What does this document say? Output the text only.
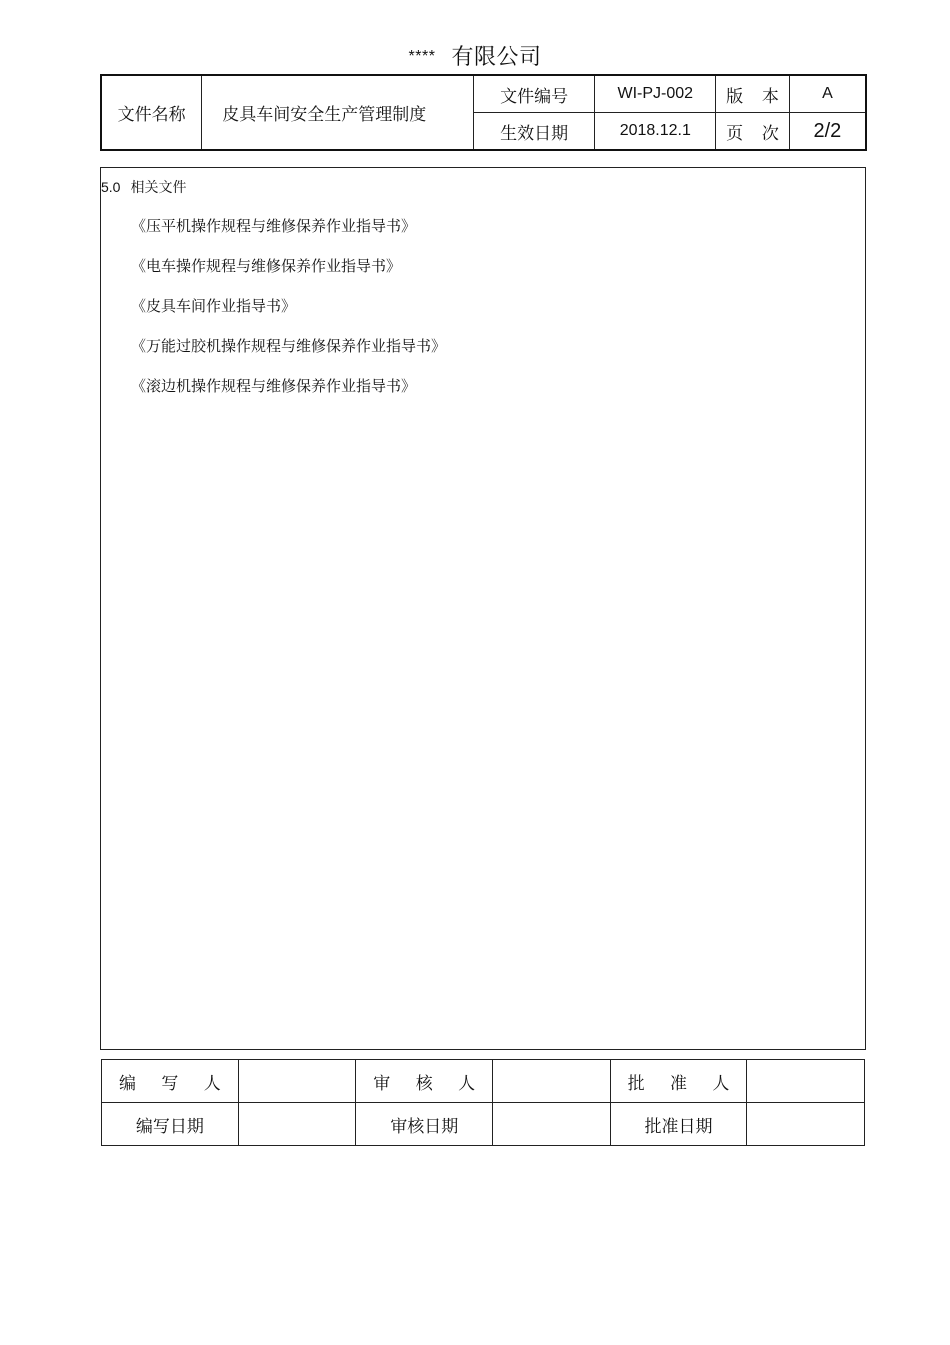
**** 有限公司
文件名称	皮具车间安全生产管理制度	文件编号	WI-PJ-002	版 本	A
		生效日期	2018.12.1	页 次	2/2
5.0 相关文件
《压平机操作规程与维修保养作业指导书》
《电车操作规程与维修保养作业指导书》
《皮具车间作业指导书》
《万能过胶机操作规程与维修保养作业指导书》
《滚边机操作规程与维修保养作业指导书》
编 写 人		审 核 人		批 准 人	
编写日期		审核日期		批准日期	
